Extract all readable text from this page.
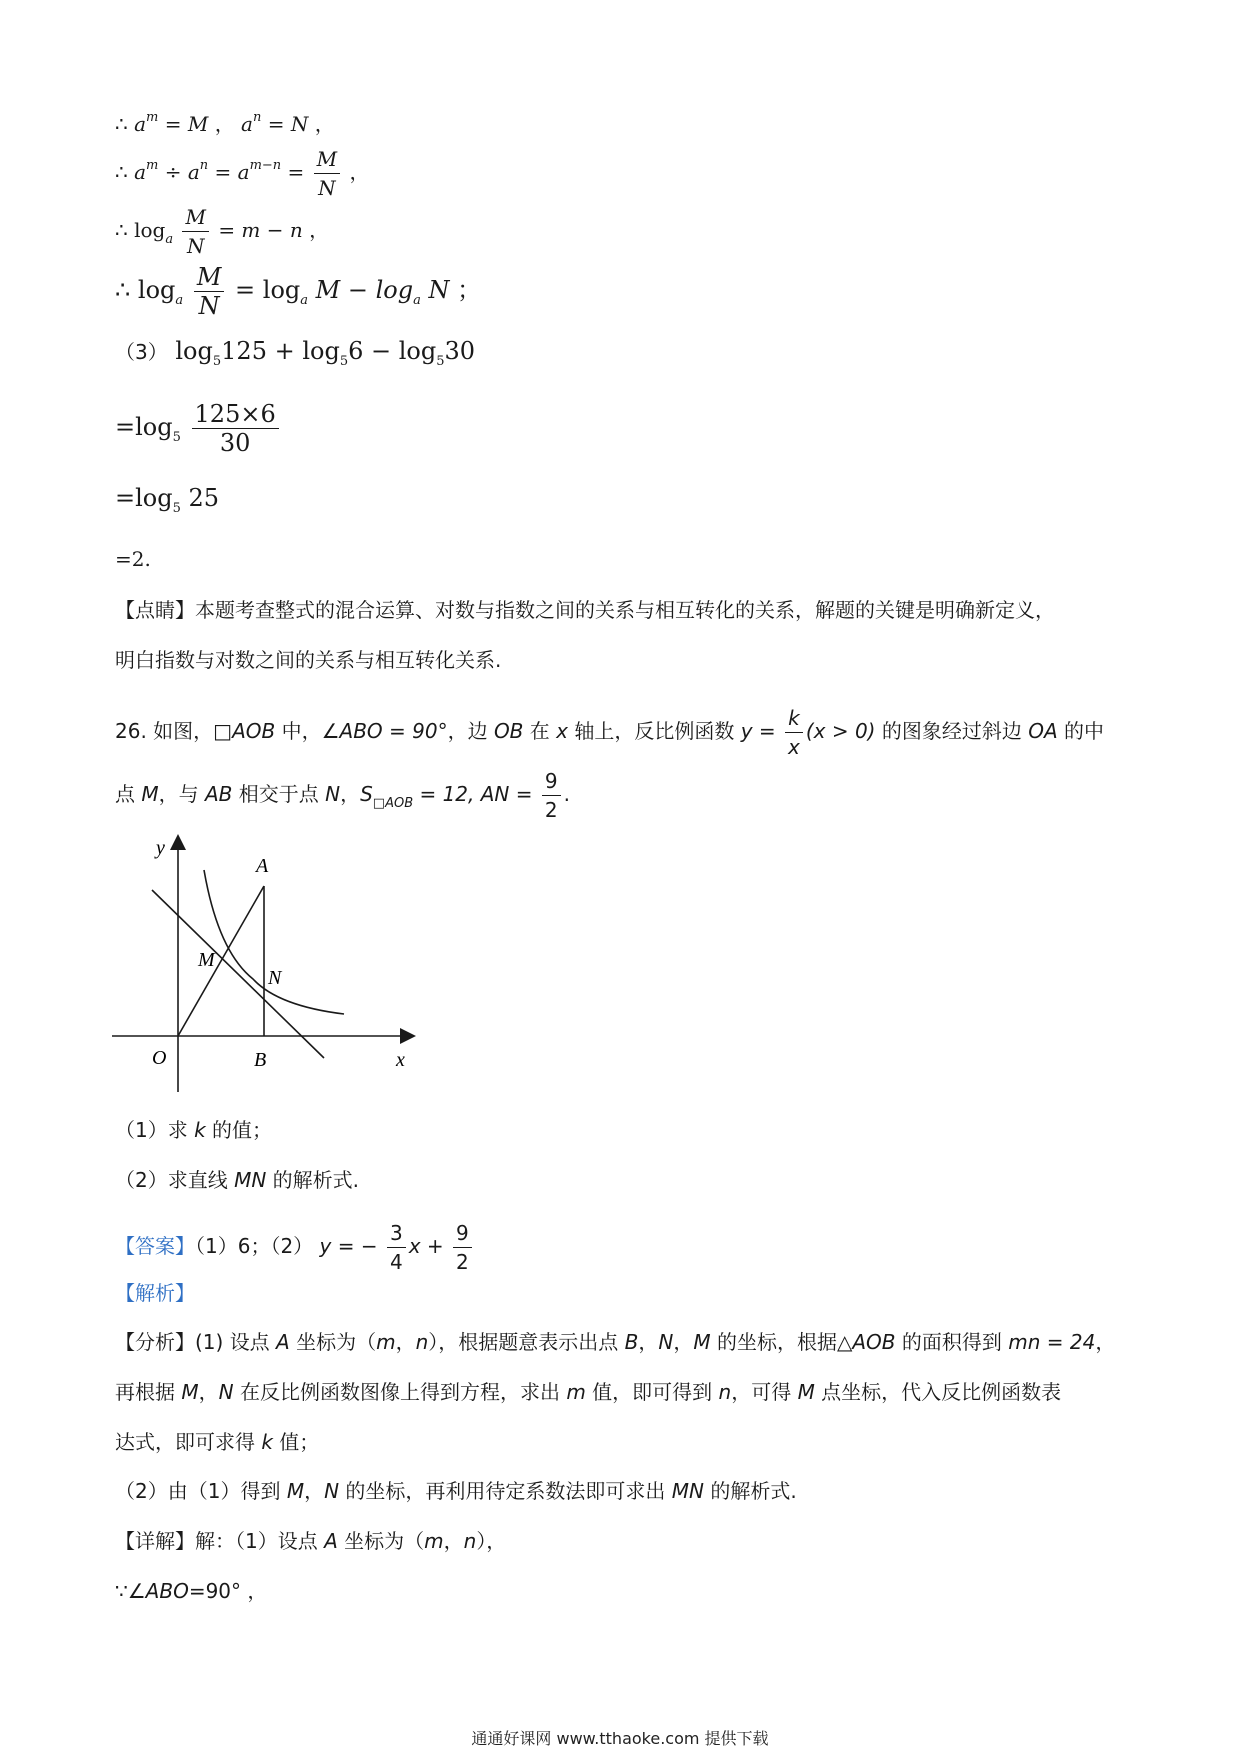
∴ $a^m = M$ ， $a^n = N$ ，
∴ $a^m \div a^n = a^{m-n} = \frac{M}{N}$ ，
∴ $\log_a \frac{M}{N} = m - n$ ，
∴ $\log_a \frac{M}{N} = \log_a M - \log_a N$ ；
（3） $\log_5125 + \log_56 - \log_530$
$=\log_5 \frac{125\times 6}{30}$
$=\log_5$ 25
=2.
【点睛】本题考查整式的混合运算、对数与指数之间的关系与相互转化的关系，解题的关键是明确新定义，
明白指数与对数之间的关系与相互转化关系.
26. 如图，□AOB 中，∠ABO = 90°，边 OB 在 x 轴上，反比例函数 $y = \frac{k}{x} (x > 0)$ 的图象经过斜边 OA 的中
点 M，与 AB 相交于点 N，$S_{□AOB} = 12$, AN = $\frac{9}{2}$ .
y
A
M
N
O	B	x
（1）求 k 的值；
（2）求直线 MN 的解析式.
【答案】（1）6；（2） y = − $\frac{3}{4}$ $x + \frac{9}{2}$
【解析】
【分析】(1) 设点 A 坐标为（m，n），根据题意表示出点 B，N，M 的坐标，根据△AOB 的面积得到 mn = 24，
再根据 M，N 在反比例函数图像上得到方程，求出 m 值，即可得到 n，可得 M 点坐标，代入反比例函数表
达式，即可求得 k 值；
（2）由（1）得到 M，N 的坐标，再利用待定系数法即可求出 MN 的解析式.
【详解】解：（1）设点 A 坐标为（m，n），
∵∠ABO=90° ，
通通好课网 www.tthaoke.com 提供下载
